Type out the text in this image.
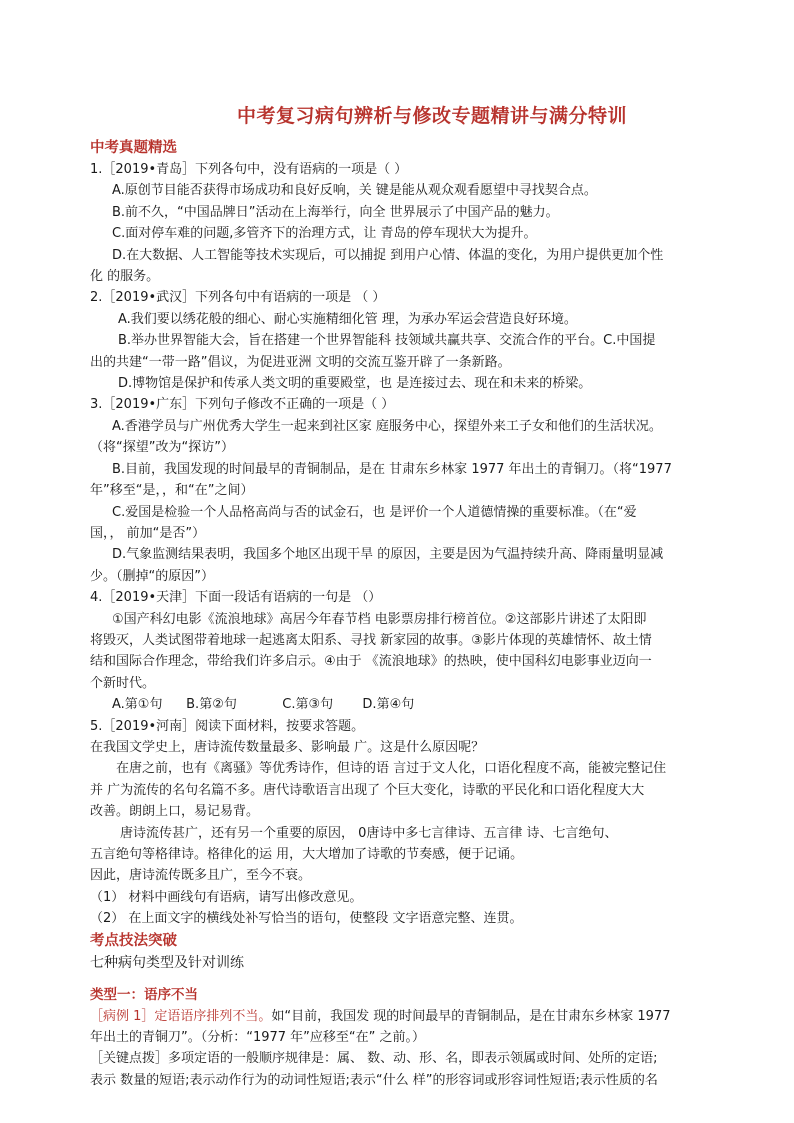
中考复习病句辨析与修改专题精讲与满分特训

中考真题精选

1.［2019•青岛］下列各句中，没有语病的一项是（ ）

A.原创节目能否获得市场成功和良好反响，关 键是能从观众观看愿望中寻找契合点。

B.前不久，“中国品牌日”活动在上海举行，向全 世界展示了中国产品的魅力。

C.面对停车难的问题,多管齐下的治理方式，让 青岛的停车现状大为提升。

D.在大数据、人工智能等技术实现后，可以捕捉 到用户心情、体温的变化，为用户提供更加个性

化 的服务。

2.［2019•武汉］下列各句中有语病的一项是 （ ）

A.我们要以绣花般的细心、耐心实施精细化管 理，为承办军运会营造良好环境。

B.举办世界智能大会，旨在搭建一个世界智能科 技领域共赢共享、交流合作的平台。C.中国提

出的共建“一带一路”倡议，为促进亚洲 文明的交流互鉴开辟了一条新路。

D.博物馆是保护和传承人类文明的重要殿堂，也 是连接过去、现在和未来的桥梁。

3.［2019•广东］下列句子修改不正确的一项是（ ）

A.香港学员与广州优秀大学生一起来到社区家 庭服务中心，探望外来工子女和他们的生活状况。

（将“探望”改为“探访”）

B.目前，我国发现的时间最早的青铜制品，是在 甘肃东乡林家 1977 年出土的青铜刀。（将“1977

年”移至“是，，和“在”之间）

C.爱国是检验一个人品格高尚与否的试金石，也 是评价一个人道德情操的重要标准。（在“爱

国，， 前加“是否”）

D.气象监测结果表明，我国多个地区出现干旱 的原因，主要是因为气温持续升高、降雨量明显减

少。（删掉“的原因”）

4.［2019•天津］下面一段话有语病的一句是 （）

①国产科幻电影《流浪地球》高居今年春节档 电影票房排行榜首位。②这部影片讲述了太阳即

将毁灭，人类试图带着地球一起逃离太阳系、寻找 新家园的故事。③影片体现的英雄情怀、故土情

结和国际合作理念，带给我们许多启示。④由于 《流浪地球》的热映，使中国科幻电影事业迈向一

个新时代。

A.第①句 B.第②句	C.第③句 D.第④句

5.［2019•河南］阅读下面材料，按要求答题。

在我国文学史上，唐诗流传数量最多、影响最 广。这是什么原因呢？

在唐之前，也有《离骚》等优秀诗作，但诗的语 言过于文人化，口语化程度不高，能被完整记住

并 广为流传的名句名篇不多。唐代诗歌语言出现了 个巨大变化，诗歌的平民化和口语化程度大大

改善。朗朗上口，易记易背。

唐诗流传甚广，还有另一个重要的原因， 0唐诗中多七言律诗、五言律 诗、七言绝句、

五言绝句等格律诗。格律化的运 用，大大增加了诗歌的节奏感，便于记诵。

因此，唐诗流传既多且广，至今不衰。

（1） 材料中画线句有语病，请写出修改意见。

（2） 在上面文字的横线处补写恰当的语句，使整段 文字语意完整、连贯。

考点技法突破

七种病句类型及针对训练

类型一：语序不当

［病例 1］定语语序排列不当。如“目前，我国发 现的时间最早的青铜制品，是在甘肃东乡林家 1977

年出土的青铜刀”。（分析：“1977 年”应移至“在” 之前。）

［关键点拨］多项定语的一般顺序规律是：属、 数、动、形、名，即表示领属或时间、处所的定语;

表示 数量的短语;表示动作行为的动词性短语;表示“什么 样”的形容词或形容词性短语;表示性质的名
